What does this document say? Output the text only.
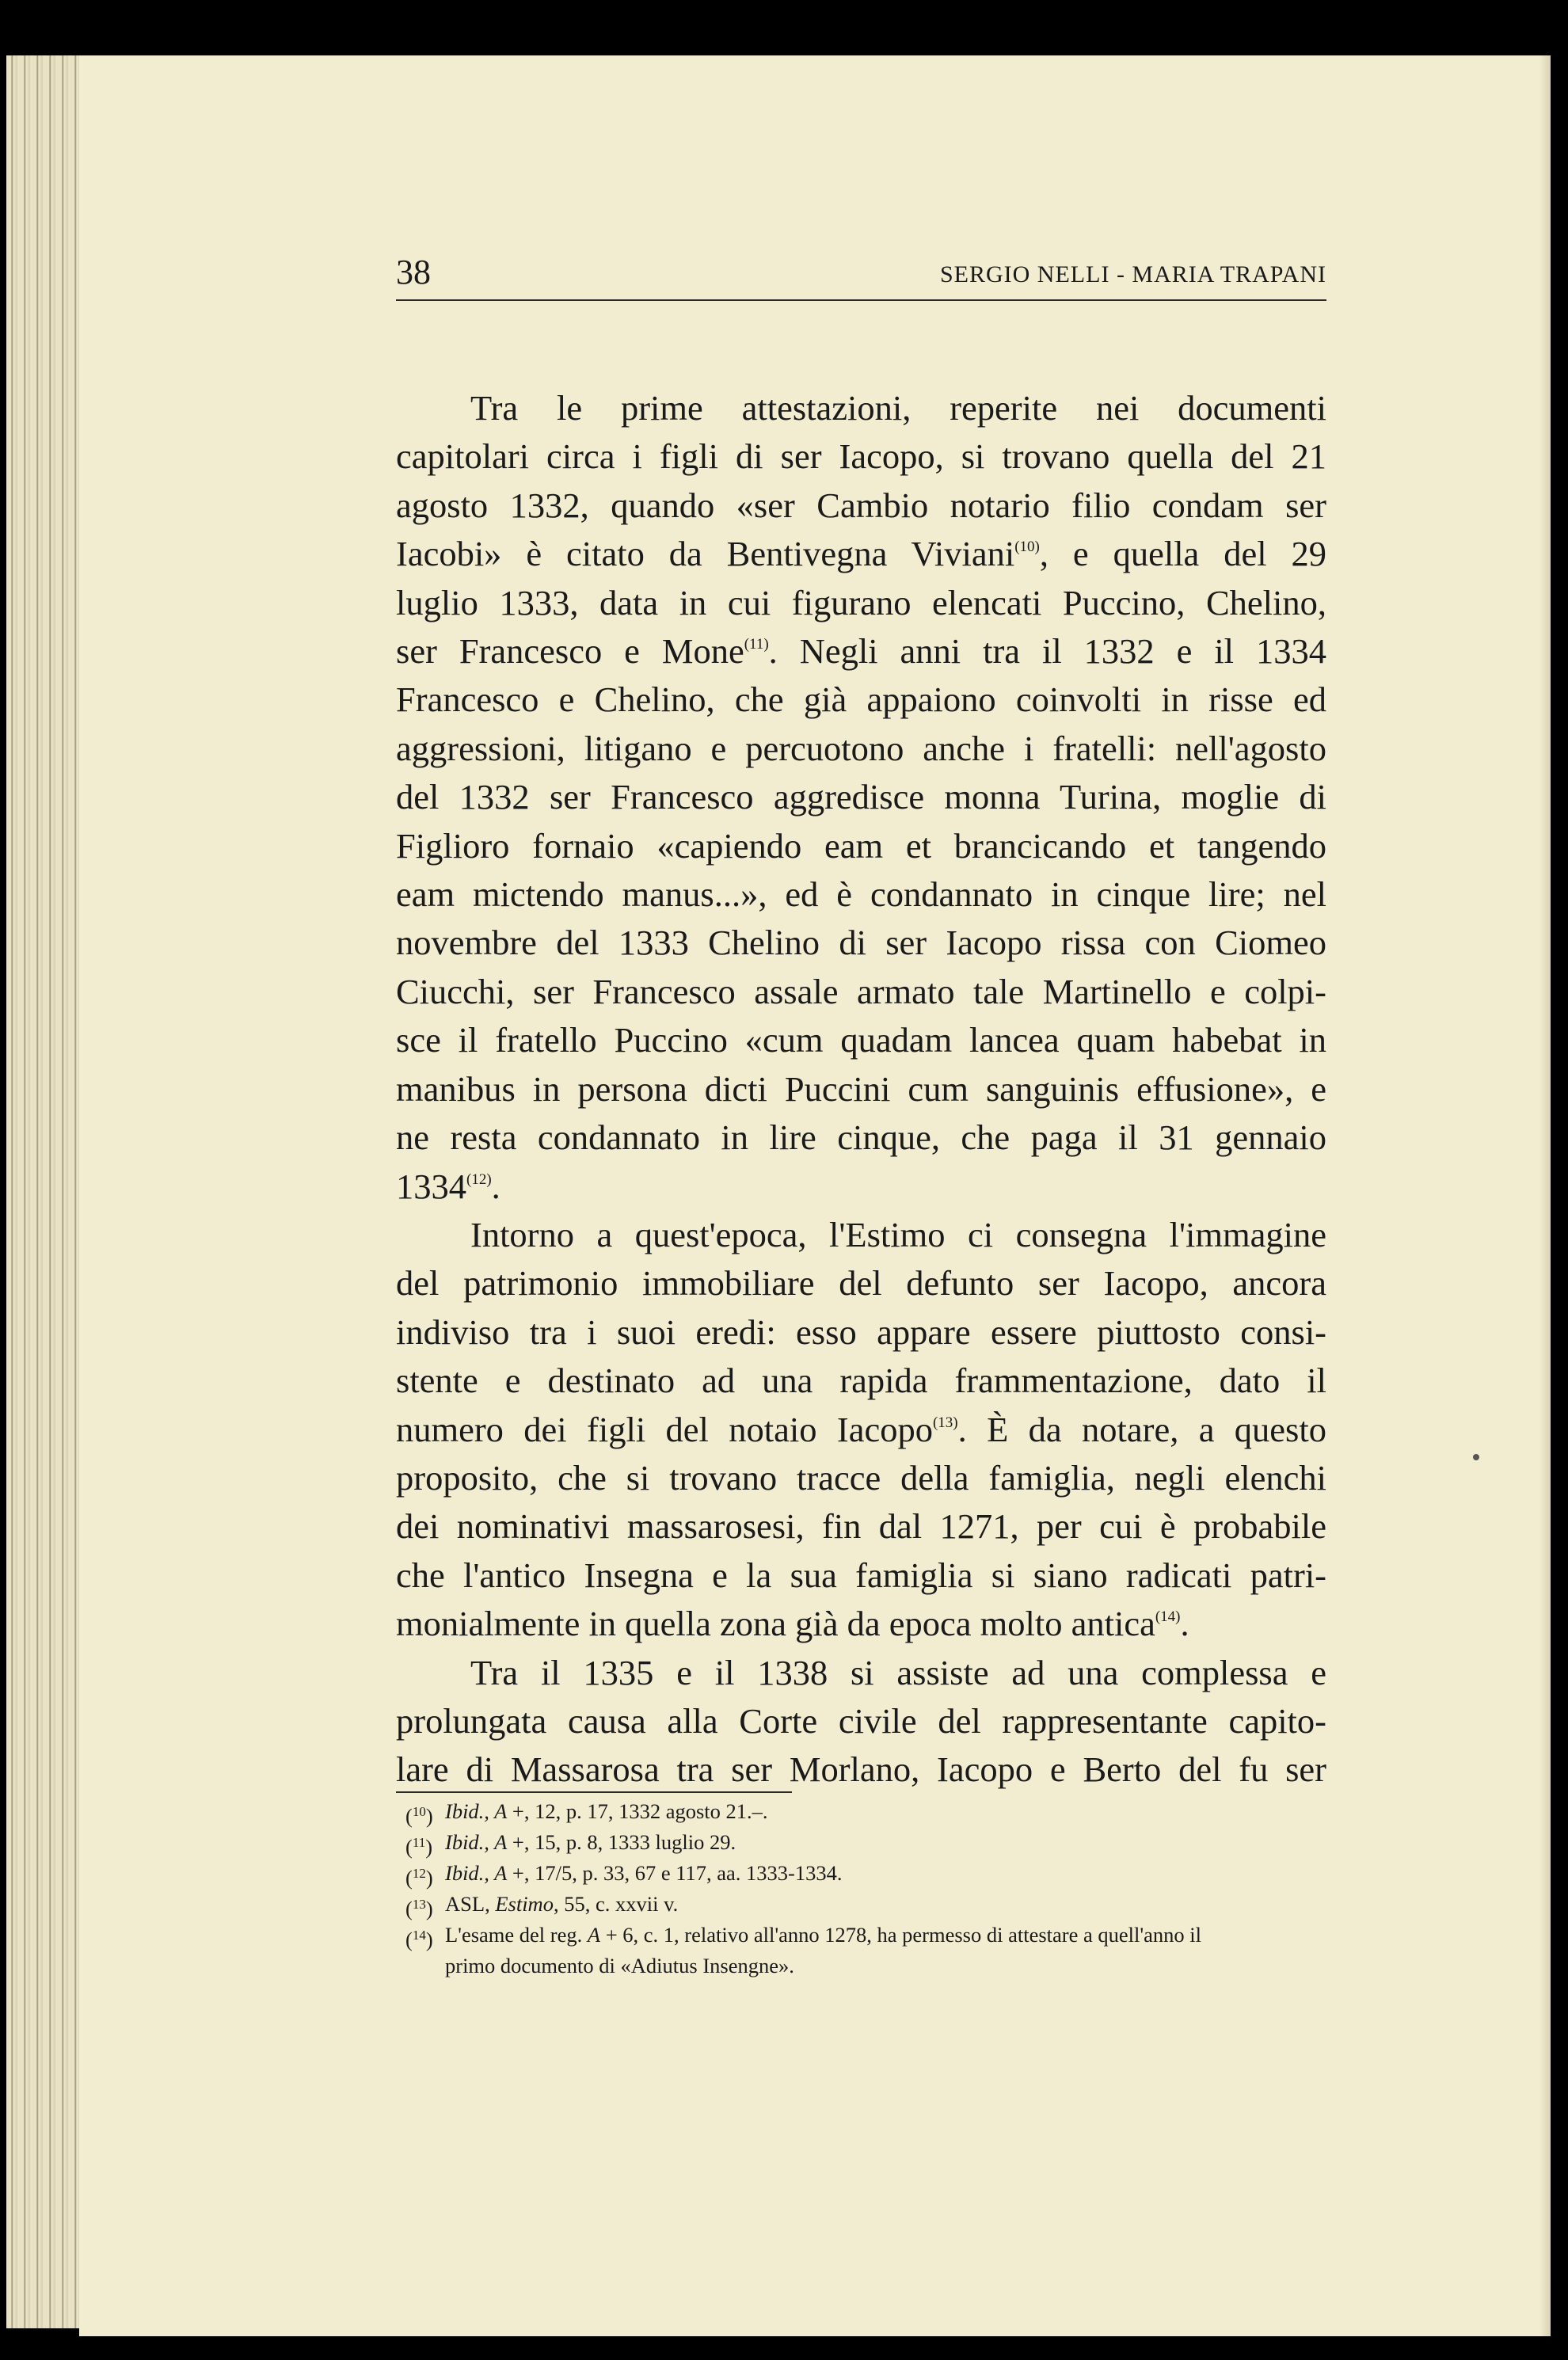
38	SERGIO NELLI - MARIA TRAPANI

Tra le prime attestazioni, reperite nei documenti
capitolari circa i figli di ser Iacopo, si trovano quella del 21
agosto 1332, quando «ser Cambio notario filio condam ser
Iacobi» è citato da Bentivegna Viviani$^{(10)}$, e quella del 29
luglio 1333, data in cui figurano elencati Puccino, Chelino,
ser Francesco e Mone$^{(11)}$. Negli anni tra il 1332 e il 1334
Francesco e Chelino, che già appaiono coinvolti in risse ed
aggressioni, litigano e percuotono anche i fratelli: nell'agosto
del 1332 ser Francesco aggredisce monna Turina, moglie di
Figlioro fornaio «capiendo eam et brancicando et tangendo
eam mictendo manus...», ed è condannato in cinque lire; nel
novembre del 1333 Chelino di ser Iacopo rissa con Ciomeo
Ciucchi, ser Francesco assale armato tale Martinello e colpi-
sce il fratello Puccino «cum quadam lancea quam habebat in
manibus in persona dicti Puccini cum sanguinis effusione», e
ne resta condannato in lire cinque, che paga il 31 gennaio
1334$^{(12)}$.

Intorno a quest'epoca, l'Estimo ci consegna l'immagine
del patrimonio immobiliare del defunto ser Iacopo, ancora
indiviso tra i suoi eredi: esso appare essere piuttosto consi-
stente e destinato ad una rapida frammentazione, dato il
numero dei figli del notaio Iacopo$^{(13)}$. È da notare, a questo
proposito, che si trovano tracce della famiglia, negli elenchi
dei nominativi massarosesi, fin dal 1271, per cui è probabile
che l'antico Insegna e la sua famiglia si siano radicati patri-
monialmente in quella zona già da epoca molto antica$^{(14)}$.

Tra il 1335 e il 1338 si assiste ad una complessa e
prolungata causa alla Corte civile del rappresentante capito-
lare di Massarosa tra ser Morlano, Iacopo e Berto del fu ser

($^{10}$) Ibid., A +, 12, p. 17, 1332 agosto 21.–.
($^{11}$) Ibid., A +, 15, p. 8, 1333 luglio 29.
($^{12}$) Ibid., A +, 17/5, p. 33, 67 e 117, aa. 1333-1334.
($^{13}$) ASL, Estimo, 55, c. xxvii v.
($^{14}$) L'esame del reg. A + 6, c. 1, relativo all'anno 1278, ha permesso di attestare a quell'anno il
primo documento di «Adiutus Insengne».
